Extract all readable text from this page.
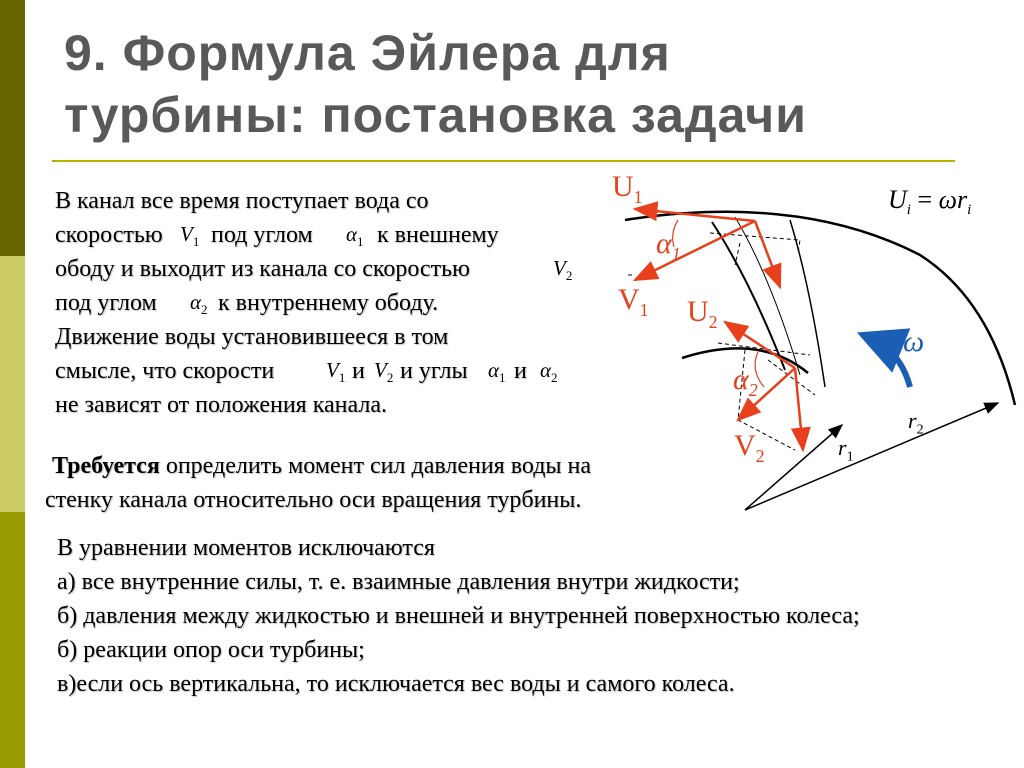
9. Формула Эйлера для
турбины: постановка задачи
В канал все время поступает вода со
скоростью $V_1$ под углом $\alpha_1$ к внешнему
ободу и выходит из канала со скоростью	$V_2$
под углом $\alpha_2$ к внутреннему ободу.
Движение воды установившееся в том
смысле, что скорости $V_1$ и $V_2$ и углы $\alpha_1$ и $\alpha_2$
не зависят от положения канала.
Требуется определить момент сил давления воды на
стенку канала относительно оси вращения турбины.
В уравнении моментов исключаются
а) все внутренние силы, т. е. взаимные давления внутри жидкости;
б) давления между жидкостью и внешней и внутренней поверхностью колеса;
б) реакции опор оси турбины;
в)если ось вертикальна, то исключается вес воды и самого колеса.
$U_1$
$\alpha_1$
$V_1$ $U_2$
$\alpha_2$
$V_2$
$U_i = \omega r_i$
ω
$r_1$
$r_2$
